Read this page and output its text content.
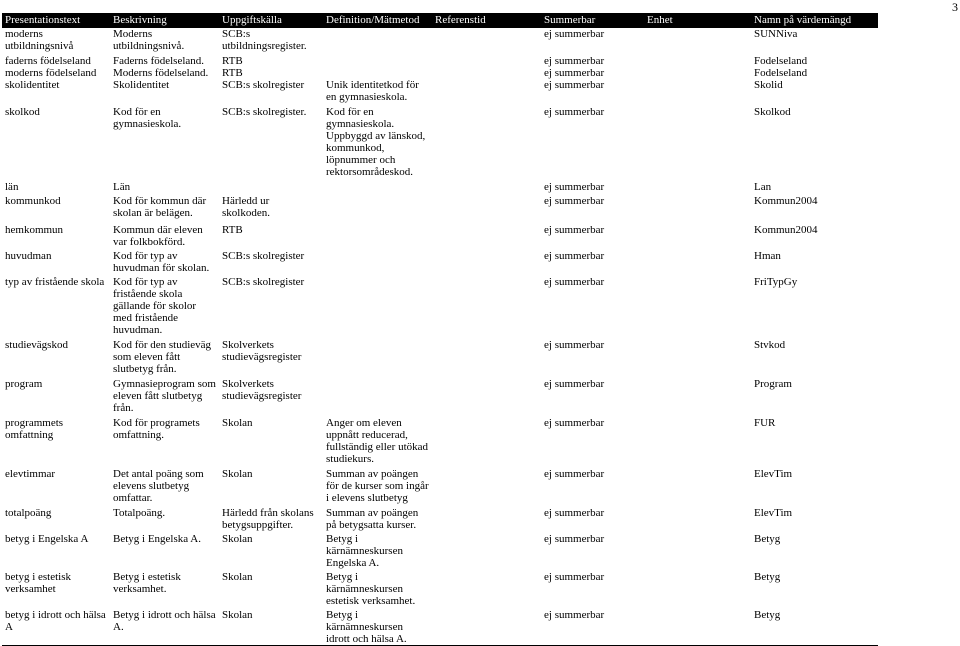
3
Presentationstext	Beskrivning	Uppgiftskälla	Definition/Mätmetod	Referenstid	Summerbar	Enhet	Namn på värdemängd
moderns utbildningsnivå	Moderns utbildningsnivå.	SCB:s utbildningsregister.			ej summerbar		SUNNiva
faderns födelseland	Faderns födelseland.	RTB			ej summerbar		Fodelseland
moderns födelseland	Moderns födelseland.	RTB			ej summerbar		Fodelseland
skolidentitet	Skolidentitet	SCB:s skolregister	Unik identitetkod för en gymnasieskola.		ej summerbar		Skolid
skolkod	Kod för en gymnasieskola.	SCB:s skolregister.	Kod för en gymnasieskola. Uppbyggd av länskod, kommunkod, löpnummer och rektorsområdeskod.		ej summerbar		Skolkod
län	Län				ej summerbar		Lan
kommunkod	Kod för kommun där skolan är belägen.	Härledd ur skolkoden.			ej summerbar		Kommun2004
hemkommun	Kommun där eleven var folkbokförd.	RTB			ej summerbar		Kommun2004
huvudman	Kod för typ av huvudman för skolan.	SCB:s skolregister			ej summerbar		Hman
typ av fristående skola	Kod för typ av fristående skola gällande för skolor med fristående huvudman.	SCB:s skolregister			ej summerbar		FriTypGy
studievägskod	Kod för den studieväg som eleven fått slutbetyg från.	Skolverkets studievägsregister			ej summerbar		Stvkod
program	Gymnasieprogram som eleven fått slutbetyg från.	Skolverkets studievägsregister			ej summerbar		Program
programmets omfattning	Kod för programets omfattning.	Skolan	Anger om eleven uppnått reducerad, fullständig eller utökad studiekurs.		ej summerbar		FUR
elevtimmar	Det antal poäng som elevens slutbetyg omfattar.	Skolan	Summan av poängen för de kurser som ingår i elevens slutbetyg		ej summerbar		ElevTim
totalpoäng	Totalpoäng.	Härledd från skolans betygsuppgifter.	Summan av poängen på betygsatta kurser.		ej summerbar		ElevTim
betyg i Engelska A	Betyg i Engelska A.	Skolan	Betyg i kärnämneskursen Engelska A.		ej summerbar		Betyg
betyg i estetisk verksamhet	Betyg i estetisk verksamhet.	Skolan	Betyg i kärnämneskursen estetisk verksamhet.		ej summerbar		Betyg
betyg i idrott och hälsa A	Betyg i idrott och hälsa A.	Skolan	Betyg i kärnämneskursen idrott och hälsa A.		ej summerbar		Betyg
